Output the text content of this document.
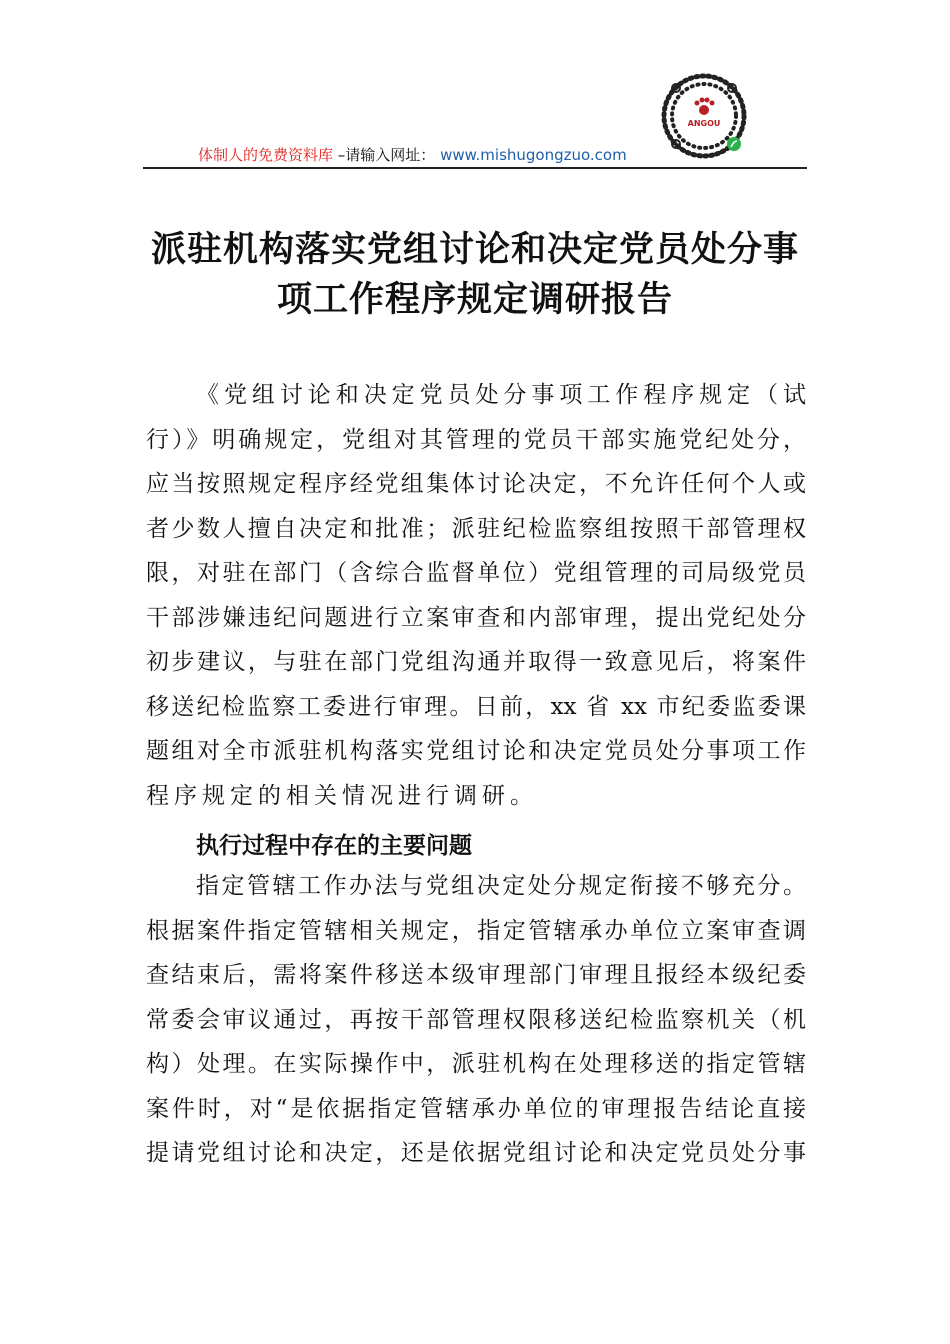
体制人的免费资料库 –请输入网址： www.mishugongzuo.com
ANGOU
派驻机构落实党组讨论和决定党员处分事
项工作程序规定调研报告
《党组讨论和决定党员处分事项工作程序规定（试
行）》明确规定，党组对其管理的党员干部实施党纪处分，
应当按照规定程序经党组集体讨论决定，不允许任何个人或
者少数人擅自决定和批准；派驻纪检监察组按照干部管理权
限，对驻在部门（含综合监督单位）党组管理的司局级党员
干部涉嫌违纪问题进行立案审查和内部审理，提出党纪处分
初步建议，与驻在部门党组沟通并取得一致意见后，将案件
移送纪检监察工委进行审理。日前，xx 省 xx 市纪委监委课
题组对全市派驻机构落实党组讨论和决定党员处分事项工作
程序规定的相关情况进行调研。
执行过程中存在的主要问题
指定管辖工作办法与党组决定处分规定衔接不够充分。
根据案件指定管辖相关规定，指定管辖承办单位立案审查调
查结束后，需将案件移送本级审理部门审理且报经本级纪委
常委会审议通过，再按干部管理权限移送纪检监察机关（机
构）处理。在实际操作中，派驻机构在处理移送的指定管辖
案件时，对“是依据指定管辖承办单位的审理报告结论直接
提请党组讨论和决定，还是依据党组讨论和决定党员处分事
